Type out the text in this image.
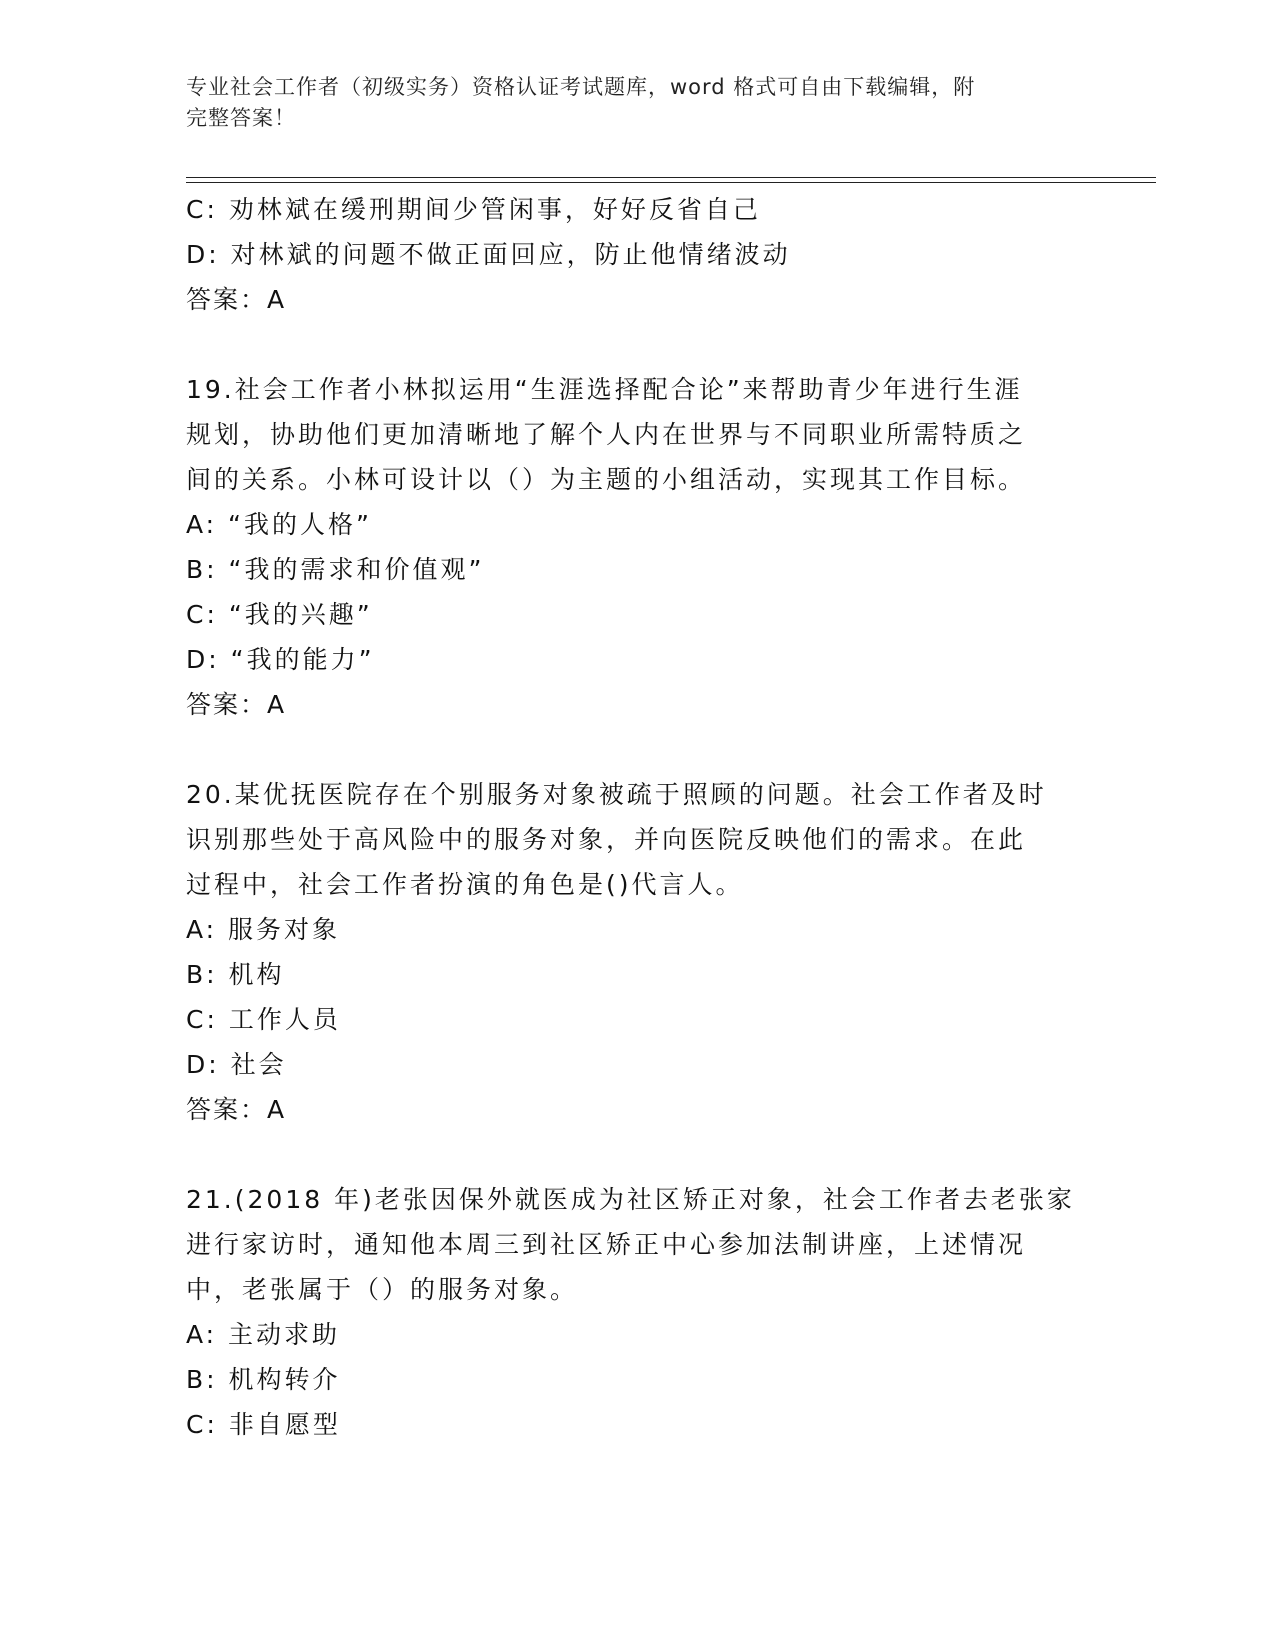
专业社会工作者（初级实务）资格认证考试题库，word 格式可自由下载编辑，附
完整答案！
C: 劝林斌在缓刑期间少管闲事，好好反省自己
D: 对林斌的问题不做正面回应，防止他情绪波动
答案：A
19.社会工作者小林拟运用“生涯选择配合论”来帮助青少年进行生涯
规划，协助他们更加清晰地了解个人内在世界与不同职业所需特质之
间的关系。小林可设计以（）为主题的小组活动，实现其工作目标。
A: “我的人格”
B: “我的需求和价值观”
C: “我的兴趣”
D: “我的能力”
答案：A
20.某优抚医院存在个别服务对象被疏于照顾的问题。社会工作者及时
识别那些处于高风险中的服务对象，并向医院反映他们的需求。在此
过程中，社会工作者扮演的角色是()代言人。
A: 服务对象
B: 机构
C: 工作人员
D: 社会
答案：A
21.(2018 年)老张因保外就医成为社区矫正对象，社会工作者去老张家
进行家访时，通知他本周三到社区矫正中心参加法制讲座，上述情况
中，老张属于（）的服务对象。
A: 主动求助
B: 机构转介
C: 非自愿型
